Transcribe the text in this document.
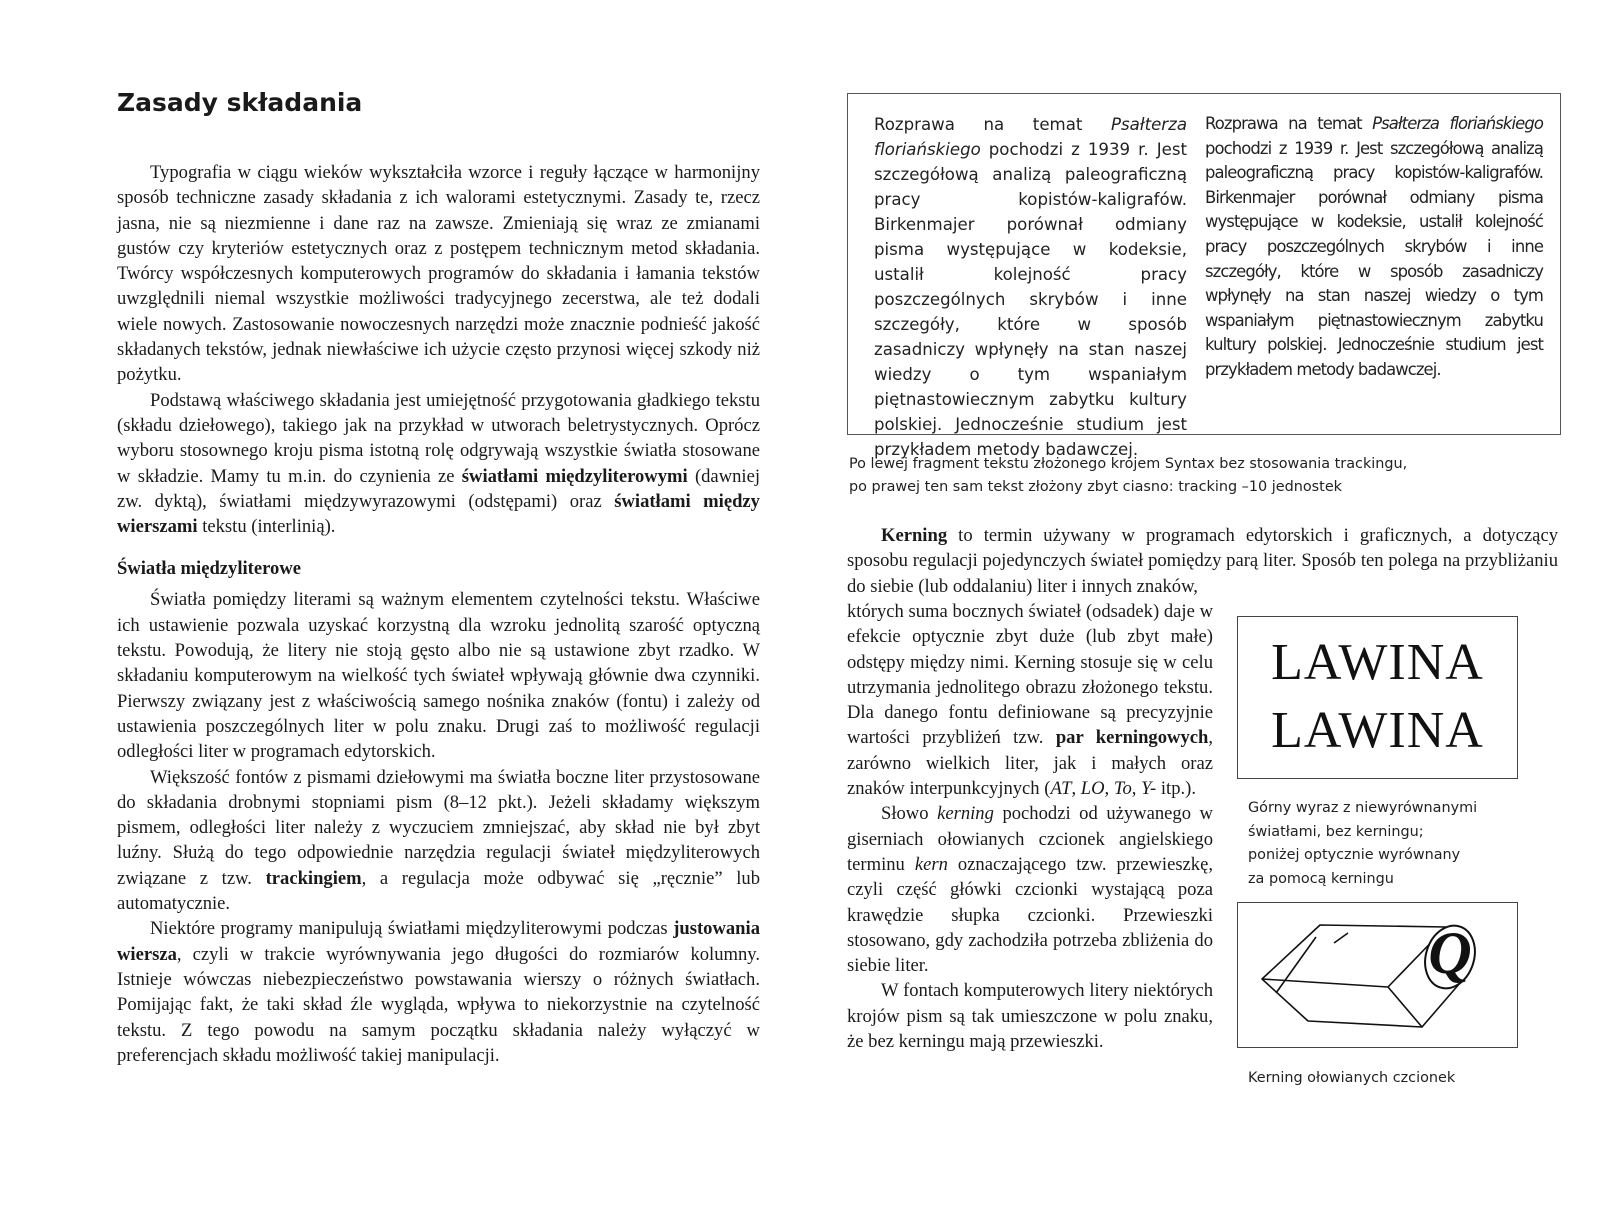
Zasady składania

Typografia w ciągu wieków wykształciła wzorce i reguły łączące w harmonijny sposób techniczne zasady składania z ich walorami estetycznymi. Zasady te, rzecz jasna, nie są niezmienne i dane raz na zawsze. Zmieniają się wraz ze zmianami gustów czy kryteriów estetycznych oraz z postępem technicznym metod składania. Twórcy współczesnych komputerowych programów do składania i łamania tekstów uwzględnili niemal wszystkie możliwości tradycyjnego zecerstwa, ale też dodali wiele nowych. Zastosowanie nowoczesnych narzędzi może znacznie podnieść jakość składanych tekstów, jednak niewłaściwe ich użycie często przynosi więcej szkody niż pożytku.

Podstawą właściwego składania jest umiejętność przygotowania gładkiego tekstu (składu dziełowego), takiego jak na przykład w utworach beletrystycznych. Oprócz wyboru stosownego kroju pisma istotną rolę odgrywają wszystkie światła stosowane w składzie. Mamy tu m.in. do czynienia ze światłami międzyliterowymi (dawniej zw. dyktą), światłami międzywyrazowymi (odstępami) oraz światłami między wierszami tekstu (interlinią).

Światła międzyliterowe

Światła pomiędzy literami są ważnym elementem czytelności tekstu. Właściwe ich ustawienie pozwala uzyskać korzystną dla wzroku jednolitą szarość optyczną tekstu. Powodują, że litery nie stoją gęsto albo nie są ustawione zbyt rzadko. W składaniu komputerowym na wielkość tych świateł wpływają głównie dwa czynniki. Pierwszy związany jest z właściwością samego nośnika znaków (fontu) i zależy od ustawienia poszczególnych liter w polu znaku. Drugi zaś to możliwość regulacji odległości liter w programach edytorskich.

Większość fontów z pismami dziełowymi ma światła boczne liter przystosowane do składania drobnymi stopniami pism (8–12 pkt.). Jeżeli składamy większym pismem, odległości liter należy z wyczuciem zmniejszać, aby skład nie był zbyt luźny. Służą do tego odpowiednie narzędzia regulacji świateł międzyliterowych związane z tzw. trackingiem, a regulacja może odbywać się „ręcznie” lub automatycznie.

Niektóre programy manipulują światłami międzyliterowymi podczas justowania wiersza, czyli w trakcie wyrównywania jego długości do rozmiarów kolumny. Istnieje wówczas niebezpieczeństwo powstawania wierszy o różnych światłach. Pomijając fakt, że taki skład źle wygląda, wpływa to niekorzystnie na czytelność tekstu. Z tego powodu na samym początku składania należy wyłączyć w preferencjach składu możliwość takiej manipulacji.

Rozprawa na temat Psałterza floriańskiego pochodzi z 1939 r. Jest szczegółową analizą paleograficzną pracy kopistów-kaligrafów. Birkenmajer porównał odmiany pisma występujące w kodeksie, ustalił kolejność pracy poszczególnych skrybów i inne szczegóły, które w sposób zasadniczy wpłynęły na stan naszej wiedzy o tym wspaniałym piętnastowiecznym zabytku kultury polskiej. Jednocześnie studium jest przykładem metody badawczej.

Rozprawa na temat Psałterza floriańskiego pochodzi z 1939 r. Jest szczegółową analizą paleograficzną pracy kopistów-kaligrafów. Birkenmajer porównał odmiany pisma występujące w kodeksie, ustalił kolejność pracy poszczególnych skrybów i inne szczegóły, które w sposób zasadniczy wpłynęły na stan naszej wiedzy o tym wspaniałym piętnastowiecznym zabytku kultury polskiej. Jednocześnie studium jest przykładem metody badawczej.

Po lewej fragment tekstu złożonego krojem Syntax bez stosowania trackingu,
po prawej ten sam tekst złożony zbyt ciasno: tracking –10 jednostek

Kerning to termin używany w programach edytorskich i graficznych, a dotyczący sposobu regulacji pojedynczych świateł pomiędzy parą liter. Sposób ten polega na przybliżaniu do siebie (lub oddalaniu) liter i innych znaków,

których suma bocznych świateł (odsadek) daje w efekcie optycznie zbyt duże (lub zbyt małe) odstępy między nimi. Kerning stosuje się w celu utrzymania jednolitego obrazu złożonego tekstu. Dla danego fontu definiowane są precyzyjnie wartości przybliżeń tzw. par kerningowych, zarówno wielkich liter, jak i małych oraz znaków interpunkcyjnych (AT, LO, To, Y- itp.).

Słowo kerning pochodzi od używanego w giserniach ołowianych czcionek angielskiego terminu kern oznaczającego tzw. przewieszkę, czyli część główki czcionki wystającą poza krawędzie słupka czcionki. Przewieszki stosowano, gdy zachodziła potrzeba zbliżenia do siebie liter.

W fontach komputerowych litery niektórych krojów pism są tak umieszczone w polu znaku, że bez kerningu mają przewieszki.

LAWINA
LAWINA
Górny wyraz z niewyrównanymi
światłami, bez kerningu;
poniżej optycznie wyrównany
za pomocą kerningu
Q
Kerning ołowianych czcionek
